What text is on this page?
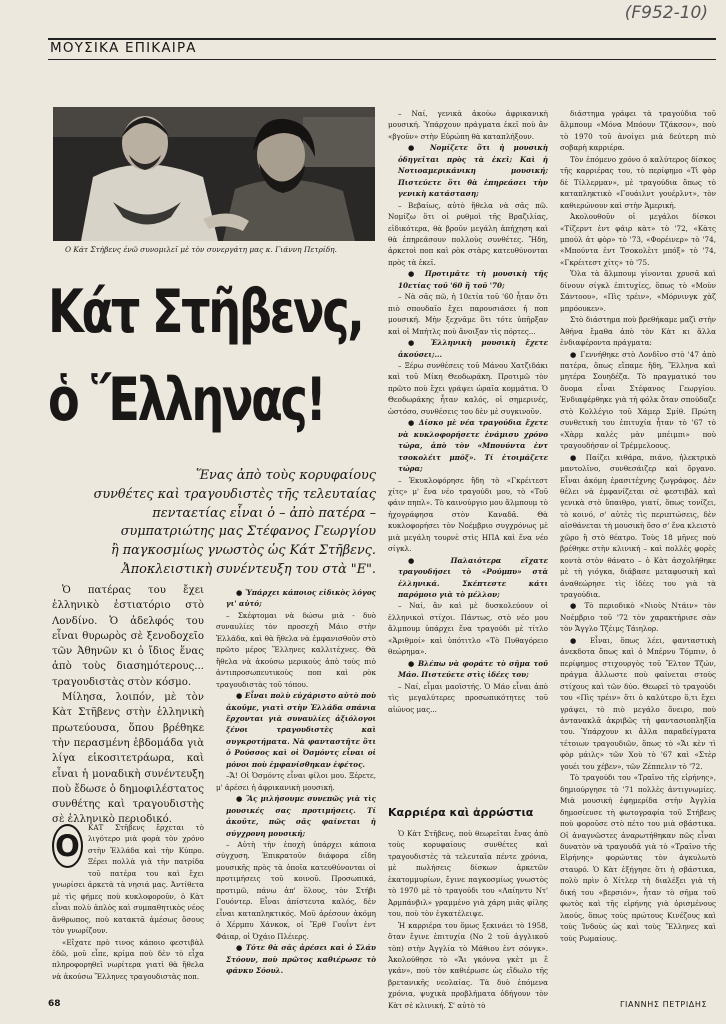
(F952-10)
ΜΟΥΣΙΚΑ ΕΠΙΚΑΙΡΑ
Ο Κάτ Στήβενς ένῶ συνομιλεῖ μὲ τὸν συνεργάτη μας κ. Γιάννη Πετρίδη.
Κάτ Στῆβενς,
ὁ Ἕλληνας!
Ἕνας ἀπὸ τοὺς κορυφαίους
συνθέτες καὶ τραγουδιστὲς τῆς τελευταίας
πενταετίας εἶναι ὁ – ἀπὸ πατέρα –
συμπατριώτης μας Στέφανος Γεωργίου
ἢ παγκοσμίως γνωστὸς ὡς Κάτ Στῆβενς.
Ἀποκλειστικὴ συνέντευξη του στὰ "Ε".

Ὁ πατέρας του ἔχει ἑλληνικὸ ἑστιατόριο στὸ Λονδίνο. Ὁ ἀδελφός του εἶναι θυρωρὸς σὲ ξενοδοχεῖο τῶν Ἀθηνῶν κι ὁ ἴδιος ἕνας ἀπὸ τοὺς διασημότερους... τραγουδιστὰς στὸν κόσμο.

Μίλησα, λοιπόν, μὲ τὸν Κὰτ Στῆβενς στὴν ἑλληνικὴ πρωτεύουσα, ὅπου βρέθηκε τὴν περασμένη ἑβδομάδα γιὰ λίγα εἰκοσιτετράωρα, καὶ εἶναι ἡ μοναδικὴ συνέντευξη ποὺ ἔδωσε ὁ δημοφιλέστατος συνθέτης καὶ τραγουδιστὴς σὲ ἑλληνικὸ περιοδικό.

Ο

ΚΑΤ Στῆβενς ἔρχεται τὸ λιγότερο μιὰ φορὰ τὸν χρόνο στὴν Ἑλλάδα καὶ τὴν Κύπρο. Ξέρει πολλὰ γιὰ τὴν πατρίδα τοῦ πατέρα του καὶ ἔχει γνωρίσει ἀρκετὰ τὰ νησιά μας. Ἀντίθετα μὲ τὶς φήμες ποὺ κυκλοφοροῦν, ὁ Κὰτ εἶναι πολὺ ἁπλὸς καὶ συμπαθητικὸς νέος ἄνθρωπος, ποὺ κατακτᾶ ἀμέσως ὅσους τὸν γνωρίζουν.

«Εἴχατε πρὸ τινος κάποιο φεστιβὰλ ἐδῶ, μοῦ εἶπε, κρίμα ποὺ δὲν τὸ εἶχα πληροφορηθεῖ νωρίτερα γιατὶ θὰ ἤθελα νὰ ἀκούσω Ἕλληνες τραγουδιστὰς ποπ.

● Ὑπάρχει κάποιος εἰδικὸς λόγος γι' αὐτό;

– Σκέφτομαι νὰ δώσω μιὰ - δυὸ συναυλίες τὸν προσεχῆ Μάιο στὴν Ἑλλάδα, καὶ θὰ ἤθελα νὰ ἐμφανισθοῦν στὸ πρῶτο μέρος Ἕλληνες καλλιτέχνες. Θὰ ἤθελα νὰ ἀκούσω μερικοὺς ἀπὸ τοὺς πιὸ ἀντιπροσωπευτικοὺς ποπ καὶ ρὸκ τραγουδιστὰς τοῦ τόπου.

● Εἶναι πολὺ εὐχάριστο αὐτὸ ποὺ ἀκοῦμε, γιατὶ στὴν Ἑλλάδα σπάνια ἔρχονται γιὰ συναυλίες ἀξιόλογοι ξένοι τραγουδιστὲς καὶ συγκροτήματα. Νὰ φανταστῆτε ὅτι ὁ Ρούσσος καὶ οἱ Ὀσμόντς εἶναι οἱ μόνοι ποὺ ἐμφανίσθηκαν ἐφέτος.

–Ἄ! Οἱ Ὀσμόντς εἶναι φίλοι μου. Ξέρετε, μ' ἀρέσει ἡ ἀφρικανικὴ μουσική.

● Ἂς μιλήσουμε συνεπῶς γιὰ τὶς μουσικές σας προτιμήσεις. Τί ἀκοῦτε, πῶς σᾶς φαίνεται ἡ σύγχρονη μουσική;

– Αὐτὴ τὴν ἐποχὴ ὑπάρχει κάποια σύγχυση. Ἐπικρατοῦν διάφορα εἴδη μουσικῆς πρὸς τὰ ὁποῖα κατευθύνονται οἱ προτιμήσεις τοῦ κοινοῦ. Προσωπικά, προτιμῶ, πάνω ἀπ' ὅλους, τὸν Στήβι Γουόντερ. Εἶναι ἀπίστευτα καλός, δὲν εἶναι καταπληκτικός. Μοῦ ἀρέσουν ἀκόμη ὁ Χέρμπυ Χάνκοκ, οἱ Ἔρθ Γουΐντ ἐντ Φάιαρ, οἱ Ὀχάιο Πλέιερς.

● Τότε θὰ σᾶς ἀρέσει καὶ ὁ Σλάυ Στόουν, ποὺ πρῶτος καθιέρωσε τὸ φάνκυ Σόουλ.

– Ναί, γενικὰ ἀκούω ἀφρικανικὴ μουσική. Ὑπάρχουν πράγματα ἐκεῖ ποὺ ἂν «βγοῦν» στὴν Εὐρώπη θὰ καταπλήξουν.

● Νομίζετε ὅτι ἡ μουσικὴ ὁδηγεῖται πρὸς τὰ ἐκεῖ; Καὶ ἡ Νοτιοαμερικάνικη μουσική; Πιστεύετε ὅτι θὰ ἐπηρεάσει τὴν γενικὴ κατάσταση;

– Βεβαίως, αὐτὸ ἤθελα νὰ σᾶς πῶ. Νομίζω ὅτι οἱ ρυθμοὶ τῆς Βραζιλίας, εἰδικότερα, θὰ βροῦν μεγάλη ἀπήχηση καὶ θὰ ἐπηρεάσουν πολλοὺς συνθέτες. Ἤδη, ἀρκετοὶ ποπ καὶ ρὸκ στὰρς κατευθύνονται πρὸς τὰ ἐκεῖ.

● Προτιμᾶτε τὴ μουσικὴ τῆς 10ετίας τοῦ '60 ἢ τοῦ '70;

– Νὰ σᾶς πῶ, ἡ 10ετία τοῦ '60 ἦταν ὅτι πιὸ σπουδαῖο ἔχει παρουσιάσει ἡ ποπ μουσική. Μὴν ξεχνᾶμε ὅτι τότε ὑπῆρξαν καὶ οἱ Μπήτλς ποὺ ἄνοιξαν τὶς πόρτες...

● Ἑλληνικὴ μουσικὴ ἔχετε ἀκούσει;...

– Ξέρω συνθέσεις τοῦ Μάνου Χατζιδάκι καὶ τοῦ Μίκη Θεοδωράκη. Προτιμῶ τὸν πρῶτο ποὺ ἔχει γράψει ὡραῖα κομμάτια. Ὁ Θεοδωράκης ἦταν καλός, οἱ σημερινές, ὡστόσο, συνθέσεις του δὲν μὲ συγκινοῦν.

● Δίσκο μὲ νέα τραγούδια ἔχετε νὰ κυκλοφορήσετε ἐνάμισυ χρόνο τώρα, ἀπὸ τὸν «Μπουύντα ἐντ τσοκολέιτ μπόξ». Τί ἑτοιμάζετε τώρα;

– Ἐκυκλοφόρησε ἤδη τὸ «Γκρέιτεστ χίτς» μ' ἕνα νέο τραγούδι μου, τὸ «Τοῦ φάιν πηπλ». Τὸ καινούργιο μου ἄλμπουμ τὸ ἠχογράφησα στὸν Καναδᾶ. Θὰ κυκλοφορήσει τὸν Νοέμβριο συγχρόνως μὲ μιὰ μεγάλη τουρνὲ στὶς ΗΠΑ καὶ ἕνα νέο σίγκλ.

● Παλαιότερα εἴχατε τραγουδήσει τὸ «Ρούμπυ» στὰ ἑλληνικά. Σκέπτεστε κάτι παρόμοιο γιὰ τὸ μέλλον;

– Ναί, ἂν καὶ μὲ δυσκολεύουν οἱ ἑλληνικοὶ στίχοι. Πάντως, στὸ νέο μου ἄλμπουμ ὑπάρχει ἕνα τραγούδι μὲ τίτλο «Ἀριθμοί» καὶ ὑπότιτλο «Τὸ Πυθαγόρειο θεώρημα».

● Βλέπω νὰ φοράτε τὸ σῆμα τοῦ Μάο. Πιστεύετε στὶς ἰδέες του;

– Ναί, εἶμαι μαοϊστής. Ὁ Μάο εἶναι ἀπὸ τὶς μεγαλύτερες προσωπικότητες τοῦ αἰώνος μας...

Καρριέρα καὶ ἀρρώστια

Ὁ Κὰτ Στῆβενς, ποὺ θεωρεῖται ἕνας ἀπὸ τοὺς κορυφαίους συνθέτες καὶ τραγουδιστὲς τὰ τελευταῖα πέντε χρόνια, μὲ πωλήσεις δίσκων ἀρκετῶν ἑκατομμυρίων, ἔγινε παγκοσμίως γνωστὸς τὸ 1970 μὲ τὸ τραγούδι του «Λαίηντυ Ντ' Ἀρμπάνβιλ» γραμμένο γιὰ χάρη μιᾶς φίλης του, ποὺ τὸν ἐγκατέλειψε.

Ἡ καρριέρα του ὅμως ξεκινάει τὸ 1958, ὅταν ἔγινε ἐπιτυχία (Νο 2 τοῦ ἀγγλικοῦ τὸπ) στὴν Ἀγγλία τὸ Μάθιου ἐντ σόνγκ». Ἀκολούθησε τὸ «Ἄι γκόννα γκὲτ μι ἒ γκάν», ποὺ τὸν καθιέρωσε ὡς εἴδωλο τῆς βρετανικῆς νεολαίας. Τὰ δυὸ ἑπόμενα χρόνια, ψυχικὰ προβλήματα ὁδήγουν τὸν Κὰτ σὲ κλινική. Σ' αὐτὸ τὸ

διάστημα γράφει τὰ τραγούδια τοῦ ἄλμπουμ «Μόνα Μπόουν Τζάκσον», ποὺ τὸ 1970 τοῦ ἀνοίγει μιὰ δεύτερη πιὸ σοβαρὴ καρριέρα.

Τὸν ἑπόμενο χρόνο ὁ καλύτερος δίσκος τῆς καρριέρας του, τὸ περίφημο «Τὶ φὸρ δὲ Τίλλερμαν», μὲ τραγούδια ὅπως τὸ καταπληκτικὸ «Γουάιλντ γουέρλντ», τὸν καθιερώνουν καὶ στὴν Ἀμερική.

Ἀκολουθοῦν οἱ μεγάλοι δίσκοι «Τίζερντ ἐντ φάιρ κὰτ» τὸ '72, «Κὰτς μπούλ ἀτ φὸρ» τὸ '73, «Φορέινερ» τὸ '74, «Μπούντα ἐντ Τσοκολὲιτ μπόξ» τὸ '74, «Γκρέιτεστ χίτς» τὸ '75.

Ὅλα τὰ ἄλμπουμ γίνονται χρυσᾶ καὶ δίνουν σίγκλ ἐπιτυχίες, ὅπως τὸ «Μοὺν Σάντοου», «Πὶς τρέιν», «Μόρνινγκ χὰζ μπρόουκεν».

Στὸ διάστημα ποὺ βρεθήκαμε μαζὶ στὴν Ἀθήνα ἔμαθα ἀπὸ τὸν Κὰτ κι ἄλλα ἐνδιαφέροντα πράγματα:

● Γεννήθηκε στὸ Λονδῖνο στὸ '47 ἀπὸ πατέρα, ὅπως εἴπαμε ἤδη, Ἕλληνα καὶ μητέρα Σουηδέζα. Τὸ πραγματικό του ὄνομα εἶναι Στέφανος Γεωργίου. Ἐνδιαφέρθηκε γιὰ τὴ φόλκ ὅταν σπούδαζε στὸ Κολλέγιο τοῦ Χάμερ Σμίθ. Πρώτη συνθετικὴ του ἐπιτυχία ἦταν τὸ '67 τὸ «Χὰρμ καλὲς μὰν μπέιμπι» ποὺ τραγουδήσαν οἱ Τρέμμελοους.

● Παίζει κιθάρα, πιάνο, ἠλεκτρικὸ μαντολῖνο, συνθεσάιζερ καὶ ὄργανο. Εἶναι ἀκόμη ἐρασιτέχνης ζωγράφος. Δὲν θέλει νὰ ἐμφανίζεται σὲ φεστιβὰλ καὶ γενικὰ στὸ ὕπαιθρο, γιατί, ὅπως τονίζει, τὸ κοινό, σ' αὐτὲς τὶς περιπτώσεις, δὲν αἰσθάνεται τὴ μουσικὴ ὅσο σ' ἕνα κλειστὸ χῶρο ἢ στὸ θέατρο. Τοὺς 18 μῆνες ποὺ βρέθηκε στὴν κλινική – καὶ πολλὲς φορὲς κοντὰ στὸν θάνατο – ὁ Κὰτ ἀσχολήθηκε μὲ τὴ γιόγκα, διάβασε μεταφυσικὴ καὶ ἀναθεώρησε τὶς ἰδέες του γιὰ τὰ τραγούδια.

● Τὸ περιοδικὸ «Νιοὺς Ντάιν» τὸν Νοέμβριο τοῦ '72 τὸν χαρακτήρισε σὰν τὸν Ἄγγλο Τζέιμς Τάιηλορ.

● Εἶναι, ὅπως λέει, φανταστικὴ ἀνεκδοτα ὅπως καὶ ὁ Μπέρνυ Τόμπιν, ὁ περίφημος στιχουργὸς τοῦ Ἔλτον Τζών, πράγμα ἄλλωστε ποὺ φαίνεται στοὺς στίχους καὶ τῶν δύο. Θεωρεῖ τὸ τραγούδι του «Πὶς τρέιν» ὅτι ὁ καλύτερο ὅ,τι ἔχει γράψει, τὸ πιὸ μεγάλο ὄνειρο, ποὺ ἀντανακλᾶ ἀκριβῶς τὴ φαντασιοπληξία του. Ὑπάρχουν κι ἄλλα παραδείγματα τέτοιων τραγουδιῶν, ὅπως τὸ «Ἄι κὲν τὶ φὸρ μάιλς» τῶν Χοὺ τὸ '67 καὶ «Στὲρ γουέι του χέβεν», τῶν Ζέππελιν τὸ '72.

Τὸ τραγούδι του «Τραῖνο τῆς εἰρήνης», δημιούργησε τὸ '71 πολλὲς ἀντιγνωμίες. Μιὰ μουσικὴ ἐφημερίδα στὴν Ἀγγλία δημοσίευσε τὴ φωτογραφία τοῦ Στήβενς ποὺ φοροῦσε στὸ πέτο του μιὰ σβάστικα. Οἱ ἀναγνῶστες ἀναρωτήθηκαν πῶς εἶναι δυνατὸν νὰ τραγουδᾶ γιὰ τὸ «Τραῖνο τῆς Εἰρήνης» φορώντας τὸν ἀγκυλωτὸ σταυρό. Ὁ Κὰτ ἐξήγησε ὅτι ἡ σβάστικα, πολὺ πρὶν ὁ Χίτλερ τὴ διαλέξει γιὰ τὴ δική του «βερσιόν», ἦταν τὸ σῆμα τοῦ φωτὸς καὶ τῆς εἰρήνης γιὰ ὁρισμένους λαούς, ὅπως τοὺς πρώτους Κινέζους καὶ τοὺς Ἰνδοὺς ὡς καὶ τοὺς Ἕλληνες καὶ τοὺς Ρωμαίους.

68	ΓΙΑΝΝΗΣ ΠΕΤΡΙΔΗΣ
